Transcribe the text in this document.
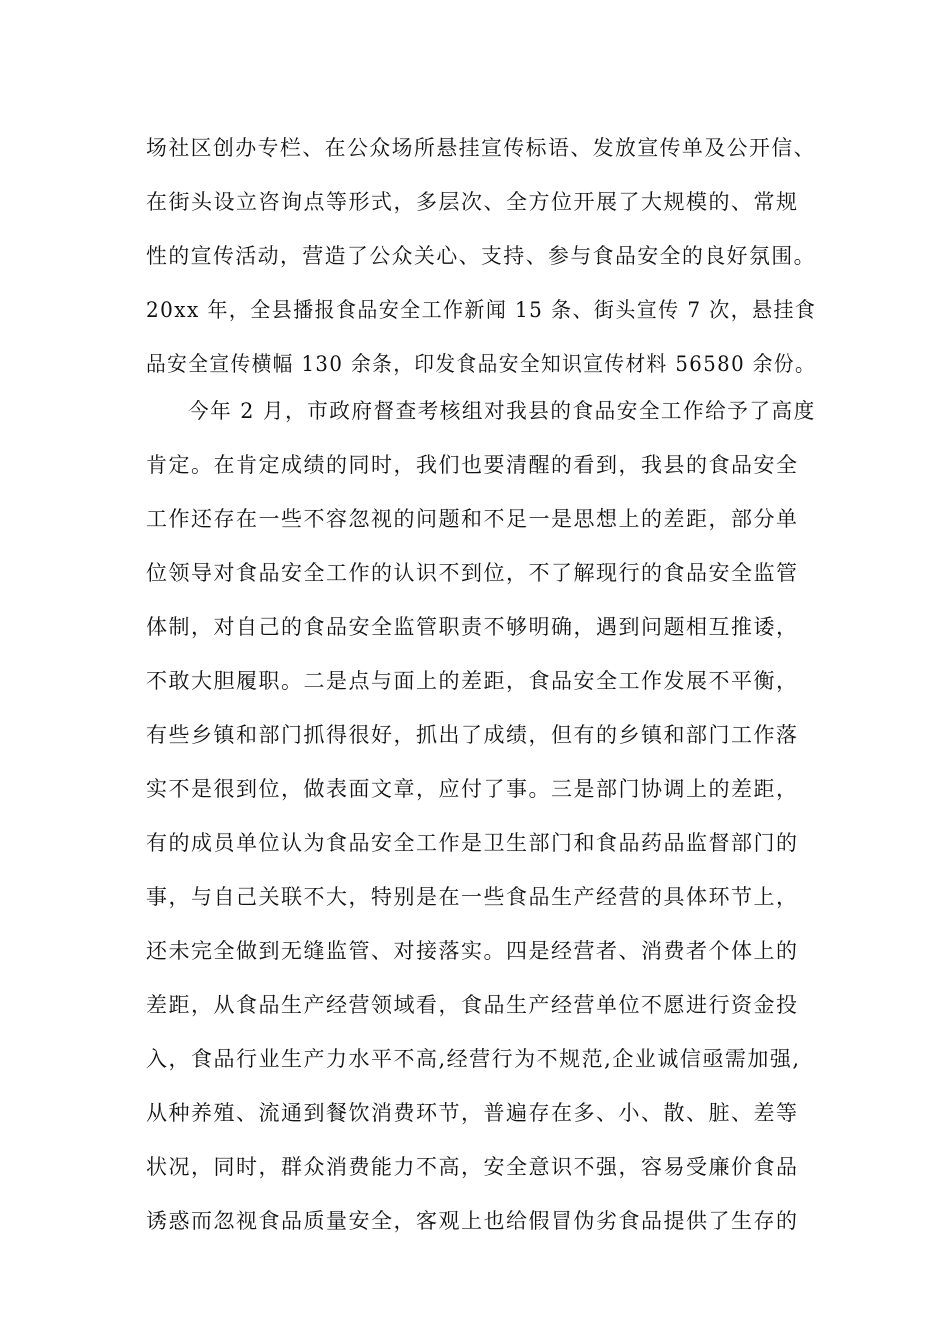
场社区创办专栏、在公众场所悬挂宣传标语、发放宣传单及公开信、
在街头设立咨询点等形式，多层次、全方位开展了大规模的、常规
性的宣传活动，营造了公众关心、支持、参与食品安全的良好氛围。
20xx 年，全县播报食品安全工作新闻 15 条、街头宣传 7 次，悬挂食
品安全宣传横幅 130 余条，印发食品安全知识宣传材料 56580 余份。
今年 2 月，市政府督查考核组对我县的食品安全工作给予了高度
肯定。在肯定成绩的同时，我们也要清醒的看到，我县的食品安全
工作还存在一些不容忽视的问题和不足一是思想上的差距，部分单
位领导对食品安全工作的认识不到位，不了解现行的食品安全监管
体制，对自己的食品安全监管职责不够明确，遇到问题相互推诿，
不敢大胆履职。二是点与面上的差距，食品安全工作发展不平衡，
有些乡镇和部门抓得很好，抓出了成绩，但有的乡镇和部门工作落
实不是很到位，做表面文章，应付了事。三是部门协调上的差距，
有的成员单位认为食品安全工作是卫生部门和食品药品监督部门的
事，与自己关联不大，特别是在一些食品生产经营的具体环节上，
还未完全做到无缝监管、对接落实。四是经营者、消费者个体上的
差距，从食品生产经营领域看，食品生产经营单位不愿进行资金投
入，食品行业生产力水平不高,经营行为不规范,企业诚信亟需加强,
从种养殖、流通到餐饮消费环节，普遍存在多、小、散、脏、差等
状况，同时，群众消费能力不高，安全意识不强，容易受廉价食品
诱惑而忽视食品质量安全，客观上也给假冒伪劣食品提供了生存的
